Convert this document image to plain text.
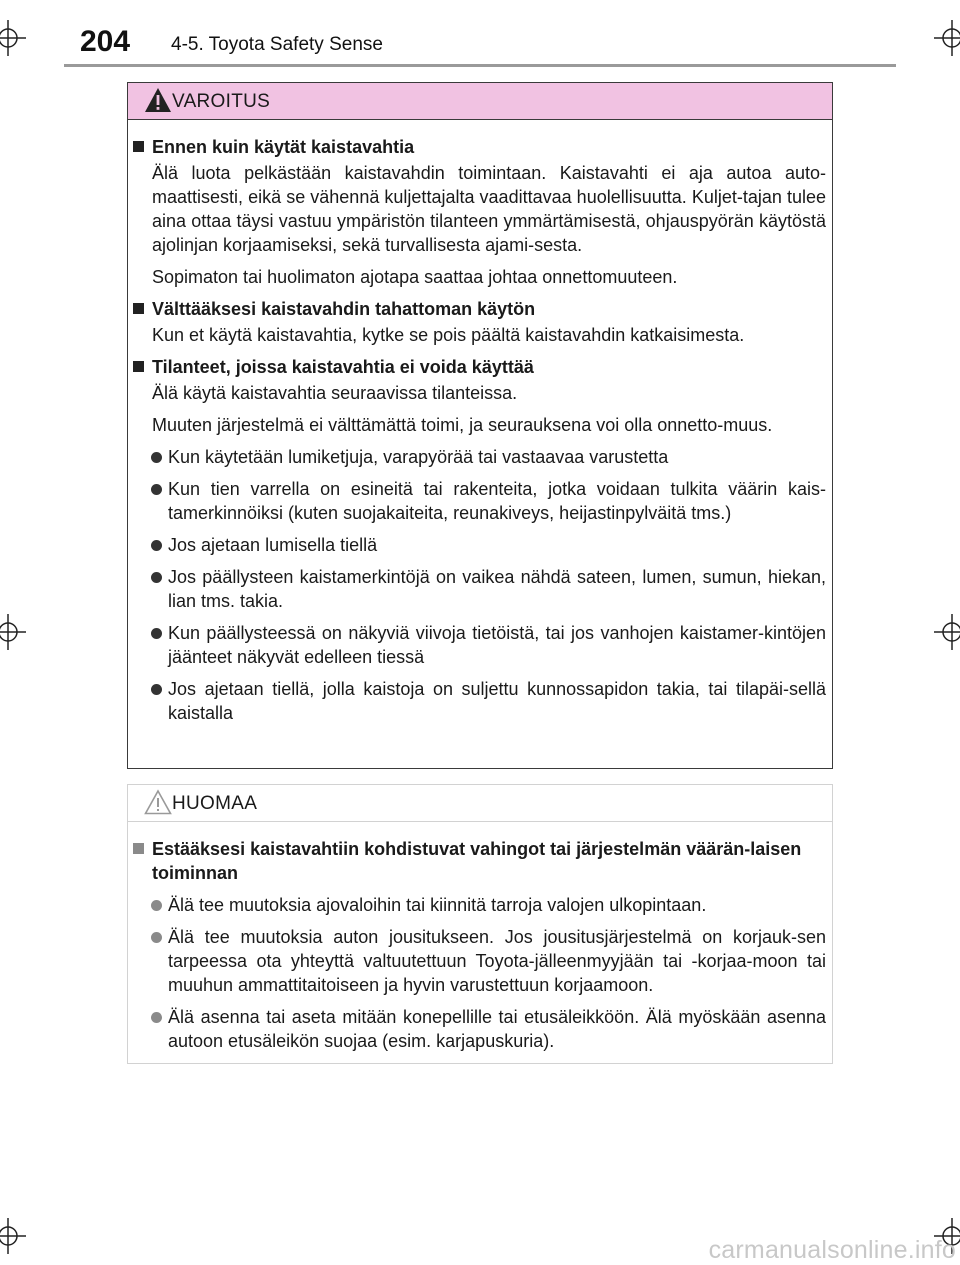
204 4-5. Toyota Safety Sense
VAROITUS
Ennen kuin käytät kaistavahtia
Älä luota pelkästään kaistavahdin toimintaan. Kaistavahti ei aja autoa auto-maattisesti, eikä se vähennä kuljettajalta vaadittavaa huolellisuutta. Kuljet-tajan tulee aina ottaa täysi vastuu ympäristön tilanteen ymmärtämisestä, ohjauspyörän käytöstä ajolinjan korjaamiseksi, sekä turvallisesta ajami-sesta.
Sopimaton tai huolimaton ajotapa saattaa johtaa onnettomuuteen.
Välttääksesi kaistavahdin tahattoman käytön
Kun et käytä kaistavahtia, kytke se pois päältä kaistavahdin katkaisimesta.
Tilanteet, joissa kaistavahtia ei voida käyttää
Älä käytä kaistavahtia seuraavissa tilanteissa.
Muuten järjestelmä ei välttämättä toimi, ja seurauksena voi olla onnetto-muus.
Kun käytetään lumiketjuja, varapyörää tai vastaavaa varustetta
Kun tien varrella on esineitä tai rakenteita, jotka voidaan tulkita väärin kais-tamerkinnöiksi (kuten suojakaiteita, reunakiveys, heijastinpylväitä tms.)
Jos ajetaan lumisella tiellä
Jos päällysteen kaistamerkintöjä on vaikea nähdä sateen, lumen, sumun, hiekan, lian tms. takia.
Kun päällysteessä on näkyviä viivoja tietöistä, tai jos vanhojen kaistamer-kintöjen jäänteet näkyvät edelleen tiessä
Jos ajetaan tiellä, jolla kaistoja on suljettu kunnossapidon takia, tai tilapäi-sellä kaistalla
HUOMAA
Estääksesi kaistavahtiin kohdistuvat vahingot tai järjestelmän väärän-laisen toiminnan
Älä tee muutoksia ajovaloihin tai kiinnitä tarroja valojen ulkopintaan.
Älä tee muutoksia auton jousitukseen. Jos jousitusjärjestelmä on korjauk-sen tarpeessa ota yhteyttä valtuutettuun Toyota-jälleenmyyjään tai -korjaa-moon tai muuhun ammattitaitoiseen ja hyvin varustettuun korjaamoon.
Älä asenna tai aseta mitään konepellille tai etusäleikköön. Älä myöskään asenna autoon etusäleikön suojaa (esim. karjapuskuria).
carmanualsonline.info
